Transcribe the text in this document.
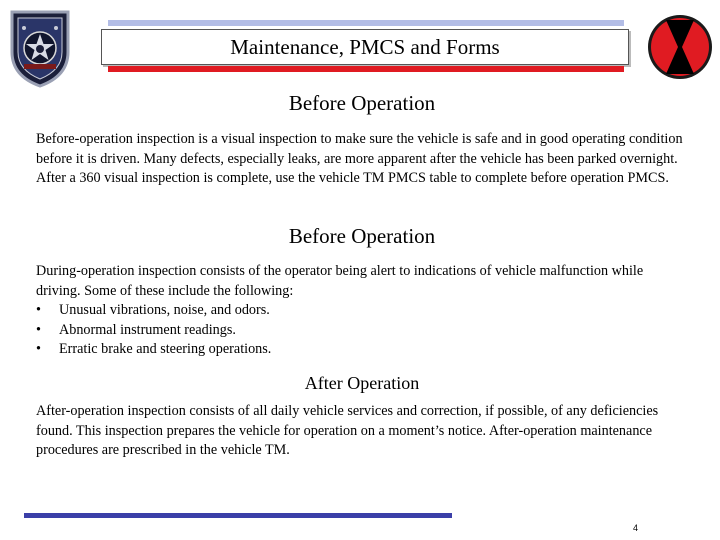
Maintenance, PMCS and Forms
Before Operation

Before-operation inspection is a visual inspection to make sure the vehicle is safe and in good operating condition before it is driven. Many defects, especially leaks, are more apparent after the vehicle has been parked overnight. After a 360 visual inspection is complete, use the vehicle TM PMCS table to complete before operation PMCS.

Before Operation
During-operation inspection consists of the operator being alert to indications of vehicle malfunction while driving. Some of these include the following:
• Unusual vibrations, noise, and odors.
• Abnormal instrument readings.
• Erratic brake and steering operations.
After Operation

After-operation inspection consists of all daily vehicle services and correction, if possible, of any deficiencies found. This inspection prepares the vehicle for operation on a moment’s notice. After-operation maintenance procedures are prescribed in the vehicle TM.

4
